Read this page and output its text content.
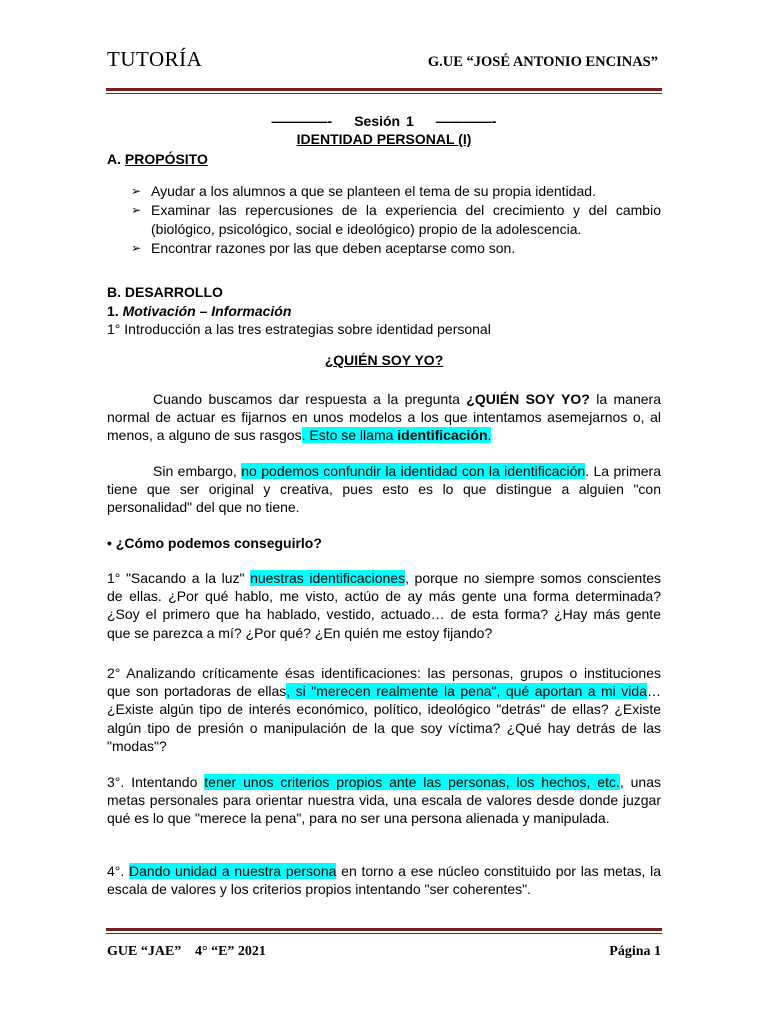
TUTORÍA	G.UE “JOSÉ ANTONIO ENCINAS”
————- Sesión 1 ————-
IDENTIDAD PERSONAL (I)
A. PROPÓSITO
➢ Ayudar a los alumnos a que se planteen el tema de su propia identidad.
➢ Examinar las repercusiones de la experiencia del crecimiento y del cambio (biológico, psicológico, social e ideológico) propio de la adolescencia.
➢ Encontrar razones por las que deben aceptarse como son.
B. DESARROLLO
1. Motivación – Información
1° Introducción a las tres estrategias sobre identidad personal
¿QUIÉN SOY YO?
Cuando buscamos dar respuesta a la pregunta ¿QUIÉN SOY YO? la manera normal de actuar es fijarnos en unos modelos a los que intentamos asemejarnos o, al menos, a alguno de sus rasgos. Esto se llama identificación.
Sin embargo, no podemos confundir la identidad con la identificación. La primera tiene que ser original y creativa, pues esto es lo que distingue a alguien "con personalidad" del que no tiene.
• ¿Cómo podemos conseguirlo?
1° "Sacando a la luz" nuestras identificaciones, porque no siempre somos conscientes de ellas. ¿Por qué hablo, me visto, actúo de ay más gente una forma determinada? ¿Soy el primero que ha hablado, vestido, actuado… de esta forma? ¿Hay más gente que se parezca a mí? ¿Por qué? ¿En quién me estoy fijando?
2° Analizando críticamente ésas identificaciones: las personas, grupos o instituciones que son portadoras de ellas, si "merecen realmente la pena", qué aportan a mi vida… ¿Existe algún tipo de interés económico, político, ideológico "detrás" de ellas? ¿Existe algún tipo de presión o manipulación de la que soy víctima? ¿Qué hay detrás de las "modas"?
3°. Intentando tener unos criterios propios ante las personas, los hechos, etc., unas metas personales para orientar nuestra vida, una escala de valores desde donde juzgar qué es lo que "merece la pena", para no ser una persona alienada y manipulada.
4°. Dando unidad a nuestra persona en torno a ese núcleo constituido por las metas, la escala de valores y los criterios propios intentando "ser coherentes".
GUE “JAE” 4° “E” 2021	Página 1
